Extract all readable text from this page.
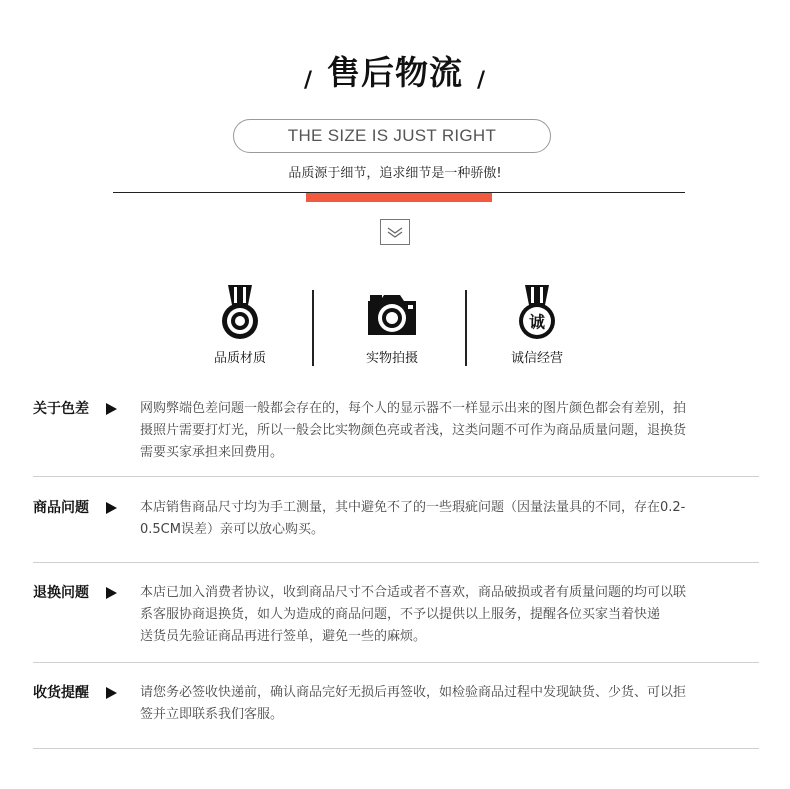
/ 售后物流 /
THE SIZE IS JUST RIGHT
品质源于细节，追求细节是一种骄傲!
品质材质	实物拍摄
诚
诚信经营
关于色差	网购弊端色差问题一般都会存在的，每个人的显示器不一样显示出来的图片颜色都会有差别，拍
摄照片需要打灯光，所以一般会比实物颜色亮或者浅，这类问题不可作为商品质量问题，退换货
需要买家承担来回费用。
商品问题	本店销售商品尺寸均为手工测量，其中避免不了的一些瑕疵问题（因量法量具的不同，存在0.2-
0.5CM误差）亲可以放心购买。
退换问题	本店已加入消费者协议，收到商品尺寸不合适或者不喜欢，商品破损或者有质量问题的均可以联
系客服协商退换货，如人为造成的商品问题，不予以提供以上服务，提醒各位买家当着快递
送货员先验证商品再进行签单，避免一些的麻烦。
收货提醒	请您务必签收快递前，确认商品完好无损后再签收，如检验商品过程中发现缺货、少货、可以拒
签并立即联系我们客服。
